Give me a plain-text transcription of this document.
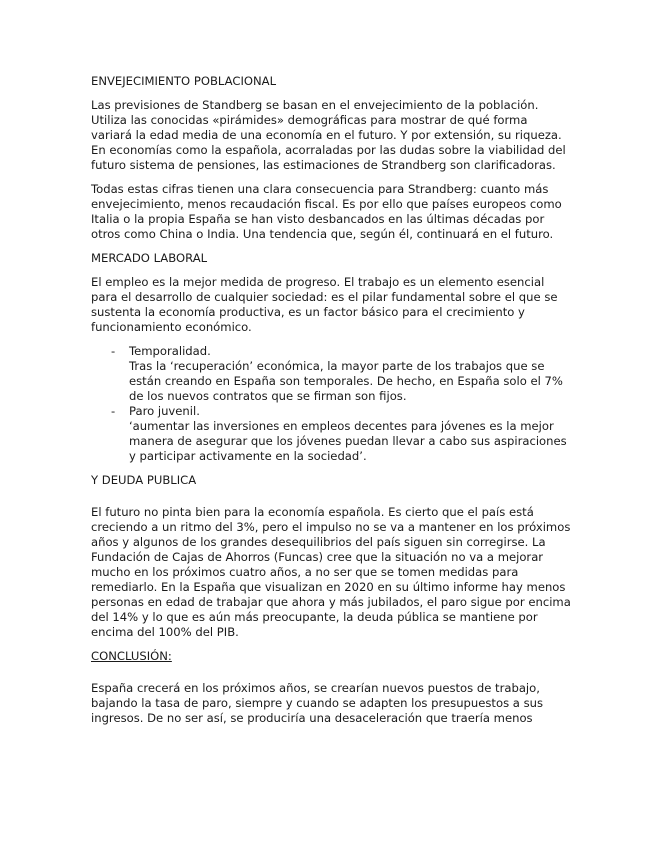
ENVEJECIMIENTO POBLACIONAL
Las previsiones de Standberg se basan en el envejecimiento de la población. Utiliza las conocidas «pirámides» demográficas para mostrar de qué forma variará la edad media de una economía en el futuro. Y por extensión, su riqueza. En economías como la española, acorraladas por las dudas sobre la viabilidad del futuro sistema de pensiones, las estimaciones de Strandberg son clarificadoras.
Todas estas cifras tienen una clara consecuencia para Strandberg: cuanto más envejecimiento, menos recaudación fiscal. Es por ello que países europeos como Italia o la propia España se han visto desbancados en las últimas décadas por otros como China o India. Una tendencia que, según él, continuará en el futuro.
MERCADO LABORAL
El empleo es la mejor medida de progreso. El trabajo es un elemento esencial para el desarrollo de cualquier sociedad: es el pilar fundamental sobre el que se sustenta la economía productiva, es un factor básico para el crecimiento y funcionamiento económico.
- Temporalidad.
Tras la ‘recuperación’ económica, la mayor parte de los trabajos que se están creando en España son temporales. De hecho, en España solo el 7% de los nuevos contratos que se firman son fijos.
- Paro juvenil.
‘aumentar las inversiones en empleos decentes para jóvenes es la mejor manera de asegurar que los jóvenes puedan llevar a cabo sus aspiraciones y participar activamente en la sociedad’.
Y DEUDA PUBLICA
El futuro no pinta bien para la economía española. Es cierto que el país está creciendo a un ritmo del 3%, pero el impulso no se va a mantener en los próximos años y algunos de los grandes desequilibrios del país siguen sin corregirse. La Fundación de Cajas de Ahorros (Funcas) cree que la situación no va a mejorar mucho en los próximos cuatro años, a no ser que se tomen medidas para remediarlo. En la España que visualizan en 2020 en su último informe hay menos personas en edad de trabajar que ahora y más jubilados, el paro sigue por encima del 14% y lo que es aún más preocupante, la deuda pública se mantiene por encima del 100% del PIB.
CONCLUSIÓN:
España crecerá en los próximos años, se crearían nuevos puestos de trabajo, bajando la tasa de paro, siempre y cuando se adapten los presupuestos a sus ingresos. De no ser así, se produciría una desaceleración que traería menos
